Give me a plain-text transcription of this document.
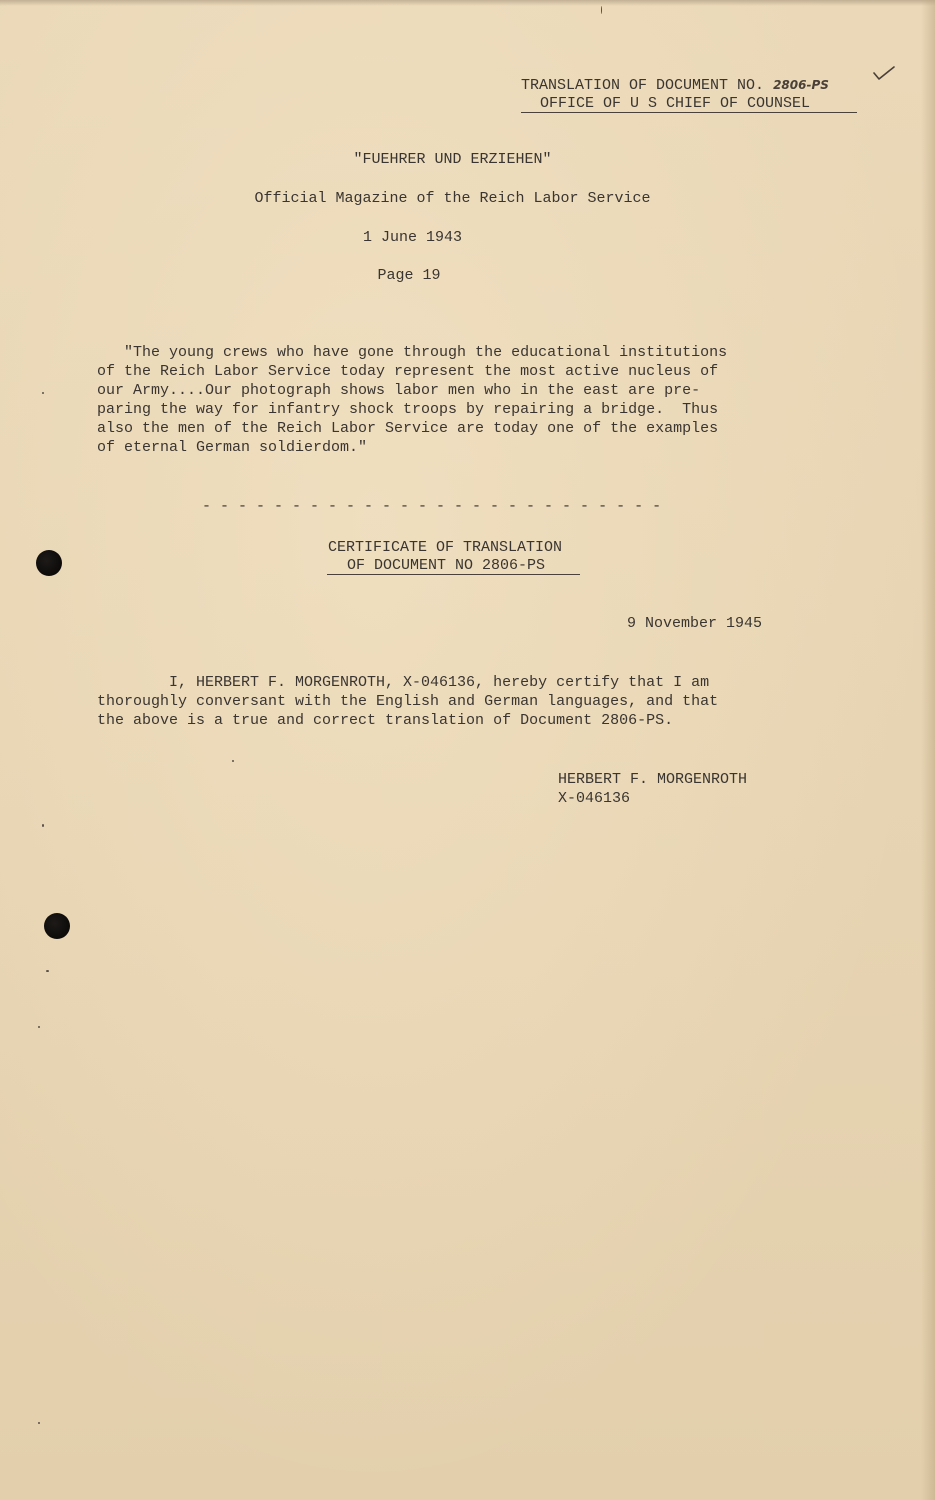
TRANSLATION OF DOCUMENT NO. 2806-PS
OFFICE OF U S CHIEF OF COUNSEL
"FUEHRER UND ERZIEHEN"
Official Magazine of the Reich Labor Service
1 June 1943
Page 19
"The young crews who have gone through the educational institutions
of the Reich Labor Service today represent the most active nucleus of
our Army....Our photograph shows labor men who in the east are pre-
paring the way for infantry shock troops by repairing a bridge.  Thus
also the men of the Reich Labor Service are today one of the examples
of eternal German soldierdom."
- - - - - - - - - - - - - - - - - - - - - - - - - -
CERTIFICATE OF TRANSLATION
OF DOCUMENT NO 2806-PS
9 November 1945
I, HERBERT F. MORGENROTH, X-046136, hereby certify that I am
thoroughly conversant with the English and German languages, and that
the above is a true and correct translation of Document 2806-PS.
HERBERT F. MORGENROTH
X-046136
